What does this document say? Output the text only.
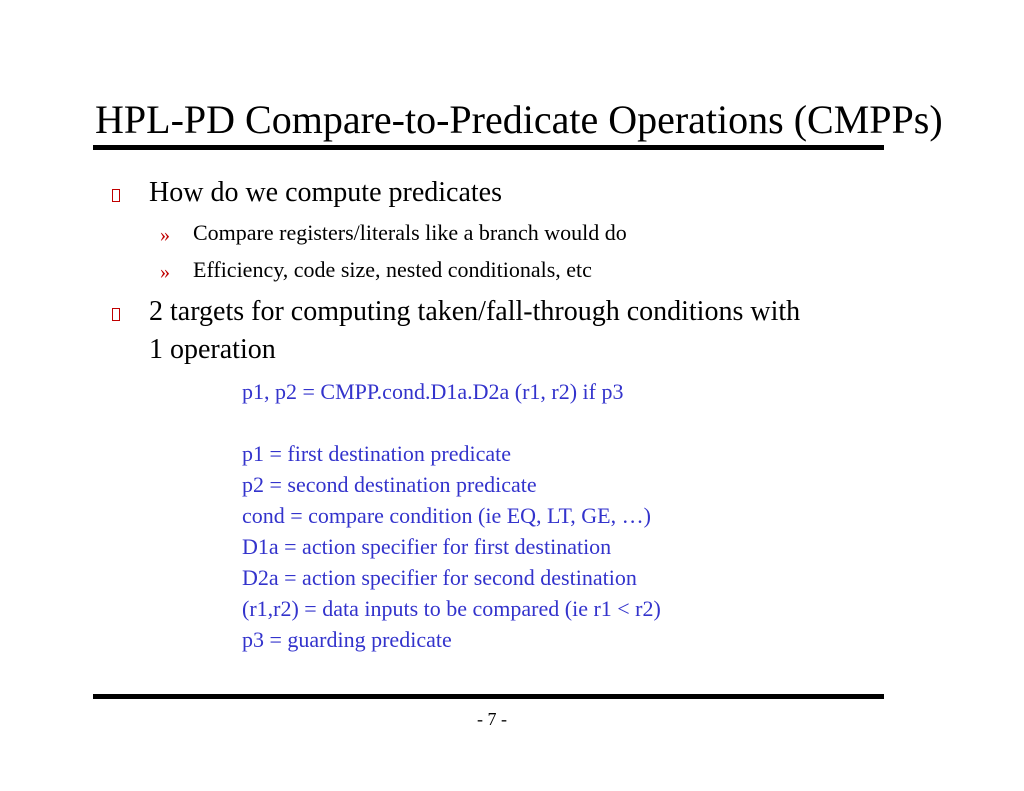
HPL-PD Compare-to-Predicate Operations (CMPPs)
How do we compute predicates
» Compare registers/literals like a branch would do
» Efficiency, code size, nested conditionals, etc
2 targets for computing taken/fall-through conditions with
1 operation
p1, p2 = CMPP.cond.D1a.D2a (r1, r2) if p3
p1 = first destination predicate
p2 = second destination predicate
cond = compare condition (ie EQ, LT, GE, …)
D1a = action specifier for first destination
D2a = action specifier for second destination
(r1,r2) = data inputs to be compared (ie r1 < r2)
p3 = guarding predicate
- 7 -
